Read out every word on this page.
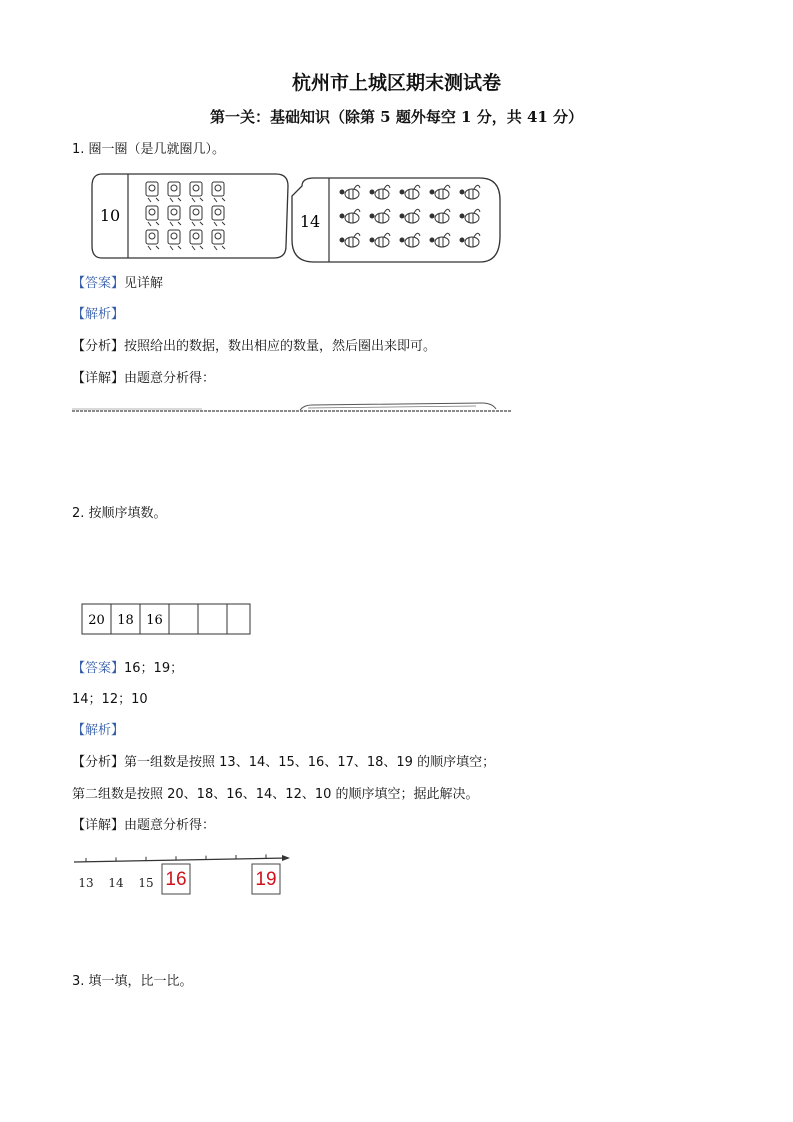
杭州市上城区期末测试卷
第一关：基础知识（除第 5 题外每空 1 分，共 41 分）
1. 圈一圈（是几就圈几）。
10	14
【答案】见详解
【解析】
【分析】按照给出的数据，数出相应的数量，然后圈出来即可。
【详解】由题意分析得：
2. 按顺序填数。
20 18 16
【答案】16；19；
14；12；10
【解析】
【分析】第一组数是按照 13、14、15、16、17、18、19 的顺序填空；
第二组数是按照 20、18、16、14、12、10 的顺序填空；据此解决。
【详解】由题意分析得：
13 14 15 16	19
3. 填一填，比一比。
